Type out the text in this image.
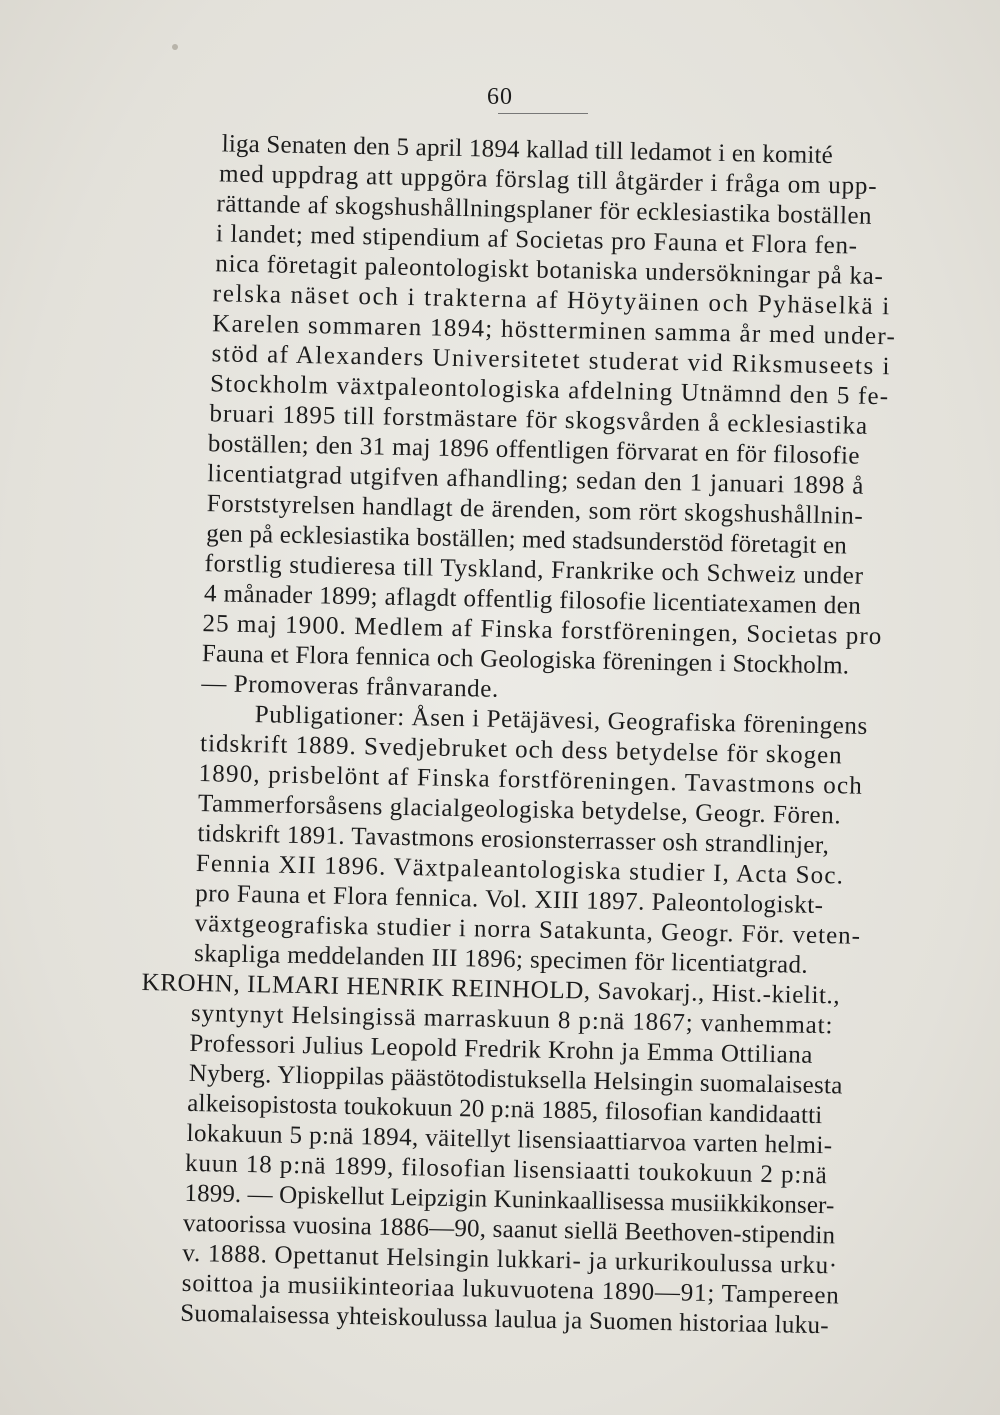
60
liga Senaten den 5 april 1894 kallad till ledamot i en komité
med uppdrag att uppgöra förslag till åtgärder i fråga om upp-
rättande af skogshushållningsplaner för ecklesiastika boställen
i landet; med stipendium af Societas pro Fauna et Flora fen-
nica företagit paleontologiskt botaniska undersökningar på ka-
relska näset och i trakterna af Höytyäinen och Pyhäselkä i
Karelen sommaren 1894; höstterminen samma år med under-
stöd af Alexanders Universitetet studerat vid Riksmuseets i
Stockholm växtpaleontologiska afdelning Utnämnd den 5 fe-
bruari 1895 till forstmästare för skogsvården å ecklesiastika
boställen; den 31 maj 1896 offentligen förvarat en för filosofie
licentiatgrad utgifven afhandling; sedan den 1 januari 1898 å
Forststyrelsen handlagt de ärenden, som rört skogshushållnin-
gen på ecklesiastika boställen; med stadsunderstöd företagit en
forstlig studieresa till Tyskland, Frankrike och Schweiz under
4 månader 1899; aflagdt offentlig filosofie licentiatexamen den
25 maj 1900. Medlem af Finska forstföreningen, Societas pro
Fauna et Flora fennica och Geologiska föreningen i Stockholm.
— Promoveras frånvarande.
Publigationer: Åsen i Petäjävesi, Geografiska föreningens
tidskrift 1889. Svedjebruket och dess betydelse för skogen
1890, prisbelönt af Finska forstföreningen. Tavastmons och
Tammerforsåsens glacialgeologiska betydelse, Geogr. Fören.
tidskrift 1891. Tavastmons erosionsterrasser osh strandlinjer,
Fennia XII 1896. Växtpaleantologiska studier I, Acta Soc.
pro Fauna et Flora fennica. Vol. XIII 1897. Paleontologiskt-
växtgeografiska studier i norra Satakunta, Geogr. För. veten-
skapliga meddelanden III 1896; specimen för licentiatgrad.
KROHN, ILMARI HENRIK REINHOLD, Savokarj., Hist.-kielit.,
syntynyt Helsingissä marraskuun 8 p:nä 1867; vanhemmat:
Professori Julius Leopold Fredrik Krohn ja Emma Ottiliana
Nyberg. Ylioppilas päästötodistuksella Helsingin suomalaisesta
alkeisopistosta toukokuun 20 p:nä 1885, filosofian kandidaatti
lokakuun 5 p:nä 1894, väitellyt lisensiaattiarvoa varten helmi-
kuun 18 p:nä 1899, filosofian lisensiaatti toukokuun 2 p:nä
1899. — Opiskellut Leipzigin Kuninkaallisessa musiikkikonser-
vatoorissa vuosina 1886—90, saanut siellä Beethoven-stipendin
v. 1888. Opettanut Helsingin lukkari- ja urkurikoulussa urku·
soittoa ja musiikinteoriaa lukuvuotena 1890—91; Tampereen
Suomalaisessa yhteiskoulussa laulua ja Suomen historiaa luku-
